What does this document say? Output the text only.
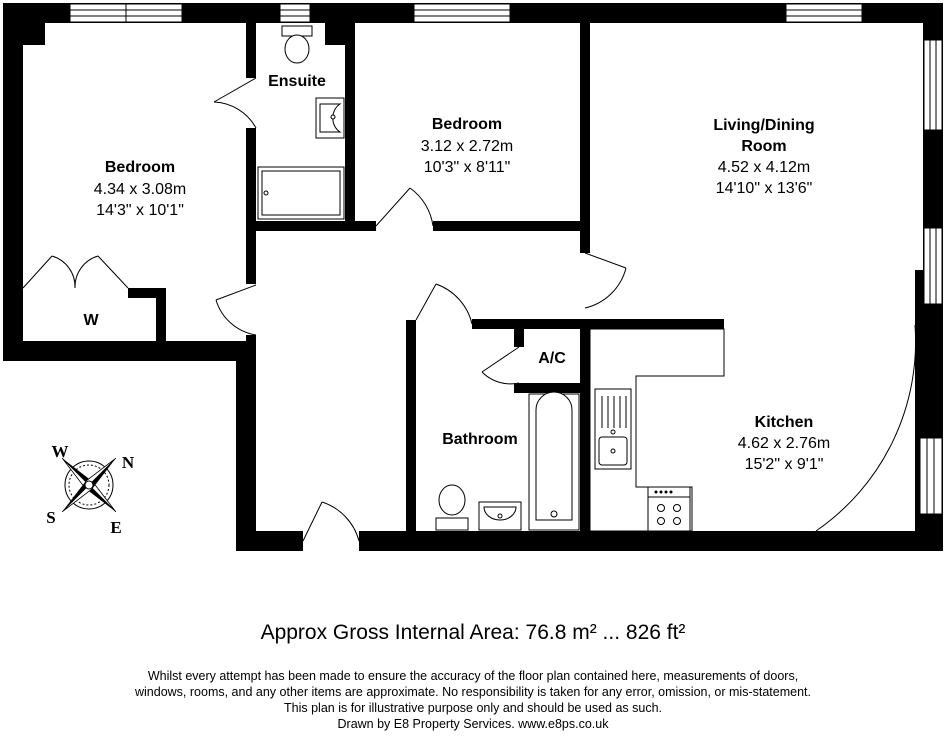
Bedroom
4.34 x 3.08m
14'3" x 10'1"
Ensuite
Bedroom
3.12 x 2.72m
10'3" x 8'11"
Living/Dining
Room
4.52 x 4.12m
14'10" x 13'6"
W
A/C
Bathroom
Kitchen
4.62 x 2.76m
15'2" x 9'1"
W
N
S
E
Approx Gross Internal Area: 76.8 m² ... 826 ft²
Whilst every attempt has been made to ensure the accuracy of the floor plan contained here, measurements of doors,
windows, rooms, and any other items are approximate. No responsibility is taken for any error, omission, or mis-statement.
This plan is for illustrative purpose only and should be used as such.
Drawn by E8 Property Services. www.e8ps.co.uk
